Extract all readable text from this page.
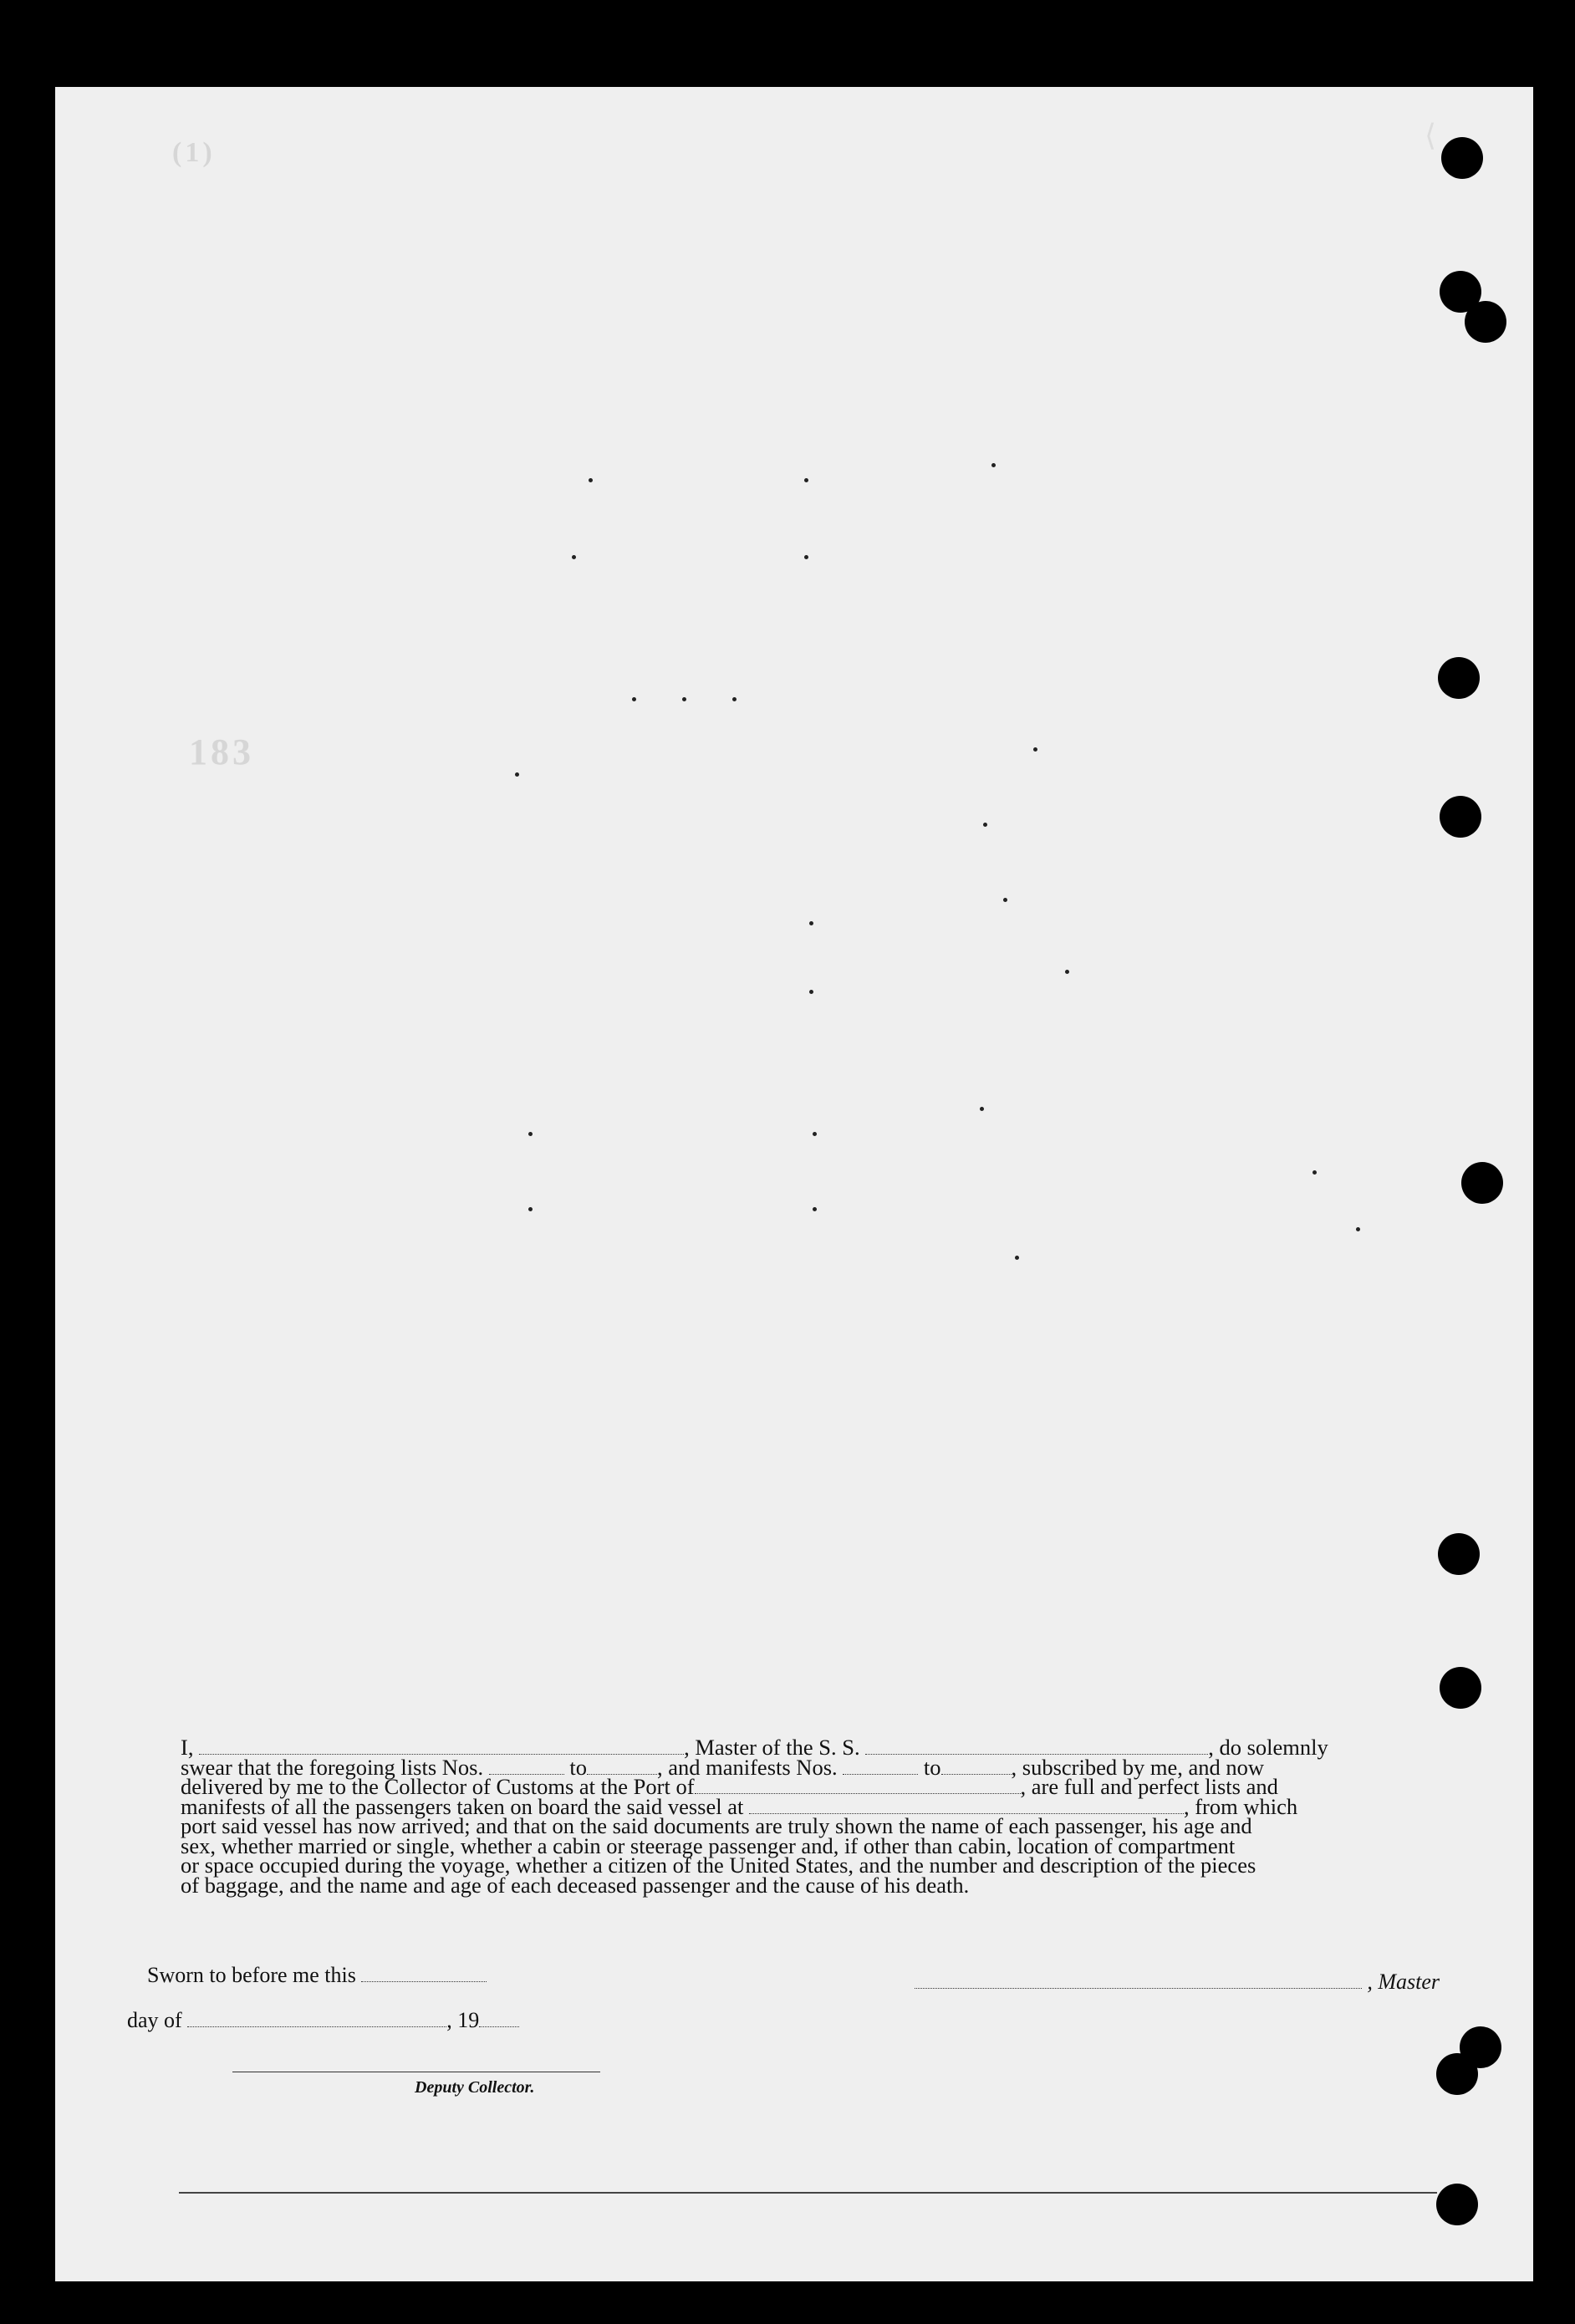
⟨
(1)
183

I,	, Master of the S. S.	, do solemnly

swear that the foregoing lists Nos.	to	, and manifests Nos.	to	, subscribed by me, and now

delivered by me to the Collector of Customs at the Port of	, are full and perfect lists and

manifests of all the passengers taken on board the said vessel at	, from which

port said vessel has now arrived; and that on the said documents are truly shown the name of each passenger, his age and

sex, whether married or single, whether a cabin or steerage passenger and, if other than cabin, location of compartment

or space occupied during the voyage, whether a citizen of the United States, and the number and description of the pieces

of baggage, and the name and age of each deceased passenger and the cause of his death.

Sworn to before me this	, Master
day of	, 19
Deputy Collector.
